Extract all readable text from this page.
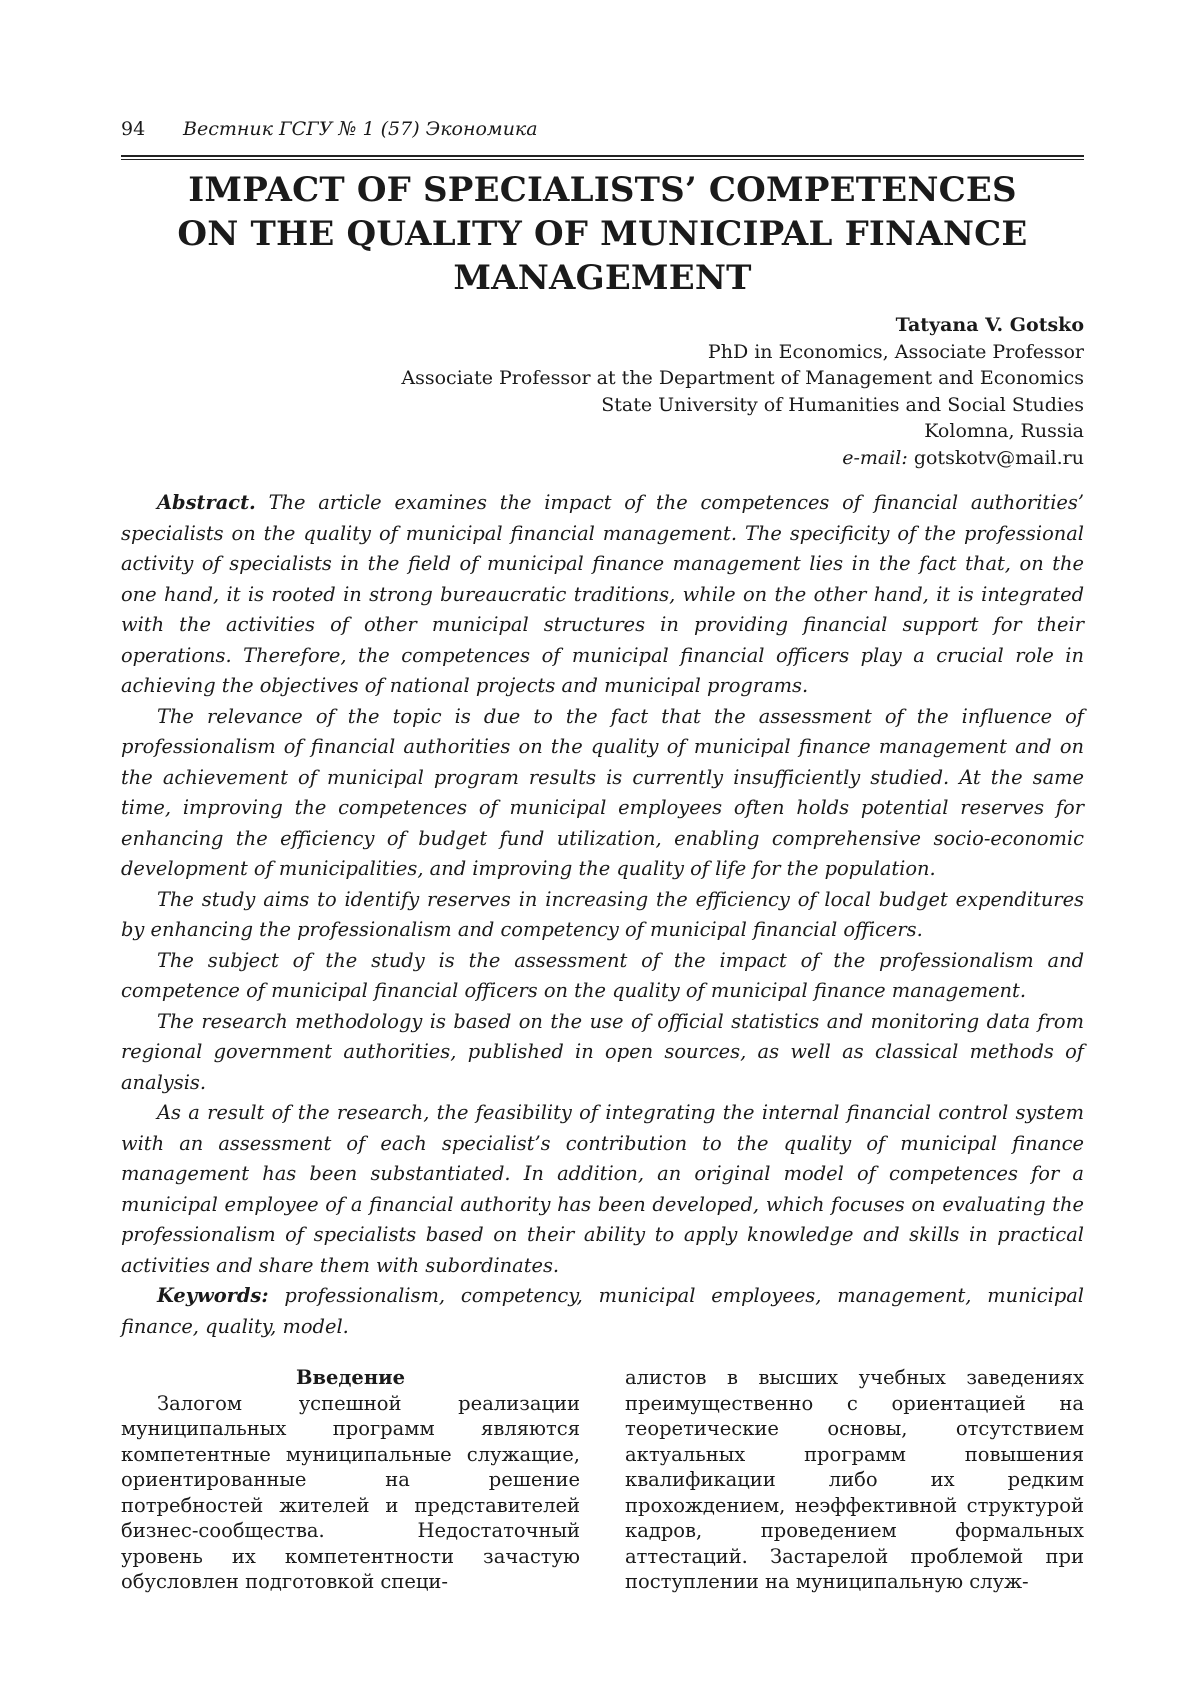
94 Вестник ГСГУ № 1 (57) Экономика
IMPACT OF SPECIALISTS’ COMPETENCES
ON THE QUALITY OF MUNICIPAL FINANCE
MANAGEMENT
Tatyana V. Gotsko
PhD in Economics, Associate Professor
Associate Professor at the Department of Management and Economics
State University of Humanities and Social Studies
Kolomna, Russia
e-mail: gotskotv@mail.ru

Abstract. The article examines the impact of the competences of financial authorities’ specialists on the quality of municipal financial management. The specificity of the professional activity of specialists in the field of municipal finance management lies in the fact that, on the one hand, it is rooted in strong bureaucratic traditions, while on the other hand, it is integrated with the activities of other municipal structures in providing financial support for their operations. Therefore, the competences of municipal financial officers play a crucial role in achieving the objectives of national projects and municipal programs.

The relevance of the topic is due to the fact that the assessment of the influence of professionalism of financial authorities on the quality of municipal finance management and on the achievement of municipal program results is currently insufficiently studied. At the same time, improving the competences of municipal employees often holds potential reserves for enhancing the efficiency of budget fund utilization, enabling comprehensive socio-economic development of municipalities, and improving the quality of life for the population.

The study aims to identify reserves in increasing the efficiency of local budget expenditures by enhancing the professionalism and competency of municipal financial officers.

The subject of the study is the assessment of the impact of the professionalism and competence of municipal financial officers on the quality of municipal finance management.

The research methodology is based on the use of official statistics and monitoring data from regional government authorities, published in open sources, as well as classical methods of analysis.

As a result of the research, the feasibility of integrating the internal financial control system with an assessment of each specialist’s contribution to the quality of municipal finance management has been substantiated. In addition, an original model of competences for a municipal employee of a financial authority has been developed, which focuses on evaluating the professionalism of specialists based on their ability to apply knowledge and skills in practical activities and share them with subordinates.

Keywords: professionalism, competency, municipal employees, management, municipal finance, quality, model.

Введение

Залогом успешной реализации муниципальных программ являются компетентные муниципальные служащие, ориентированные на решение потребностей жителей и представителей бизнес-сообщества. Недостаточный уровень их компетентности зачастую обусловлен подготовкой специ-

алистов в высших учебных заведениях преимущественно с ориентацией на теоретические основы, отсутствием актуальных программ повышения квалификации либо их редким прохождением, неэффективной структурой кадров, проведением формальных аттестаций. Застарелой проблемой при поступлении на муниципальную служ-
